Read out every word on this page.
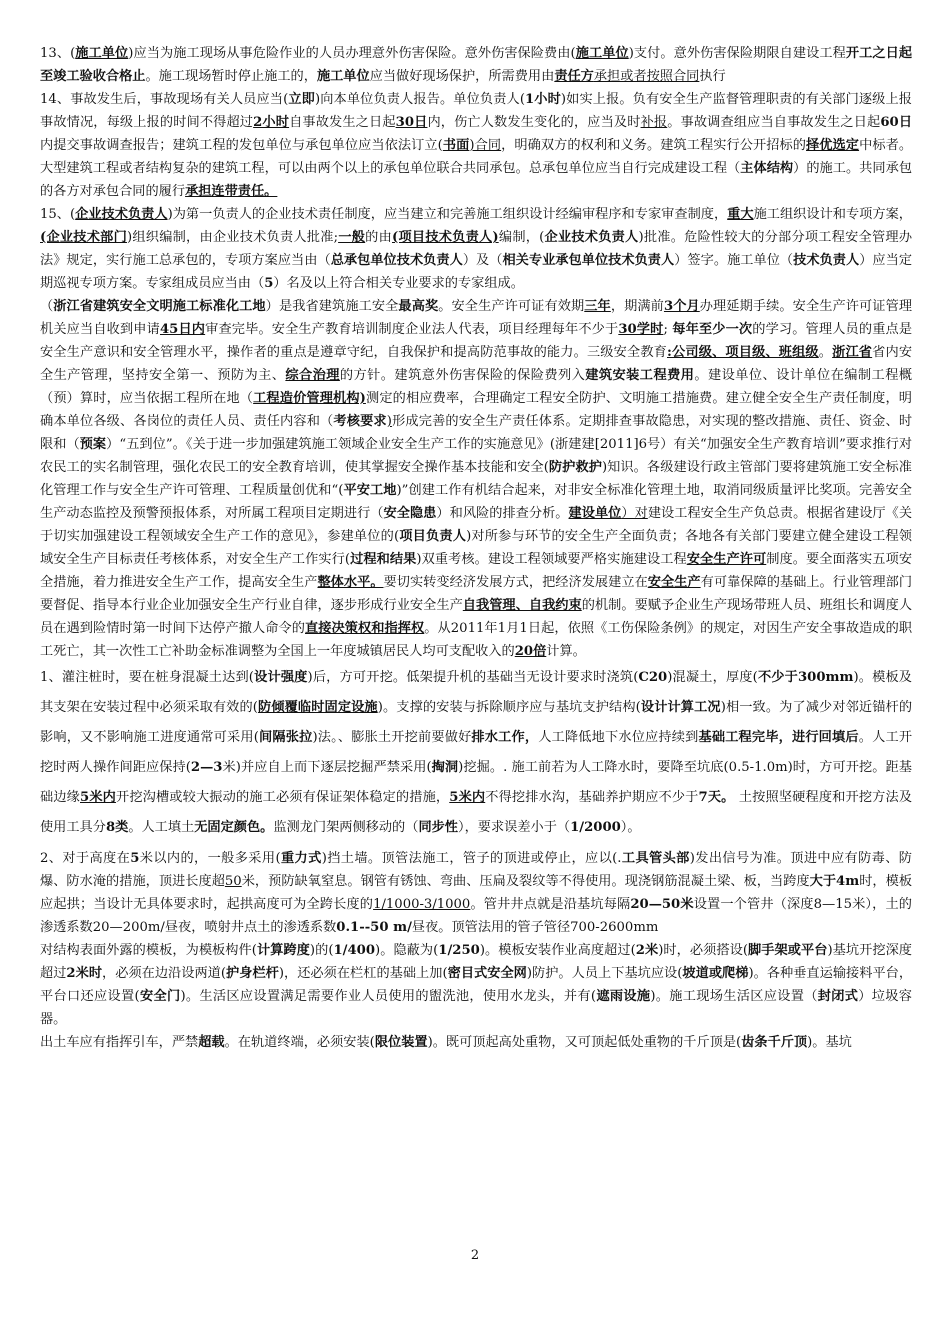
13、(施工单位)应当为施工现场从事危险作业的人员办理意外伤害保险。意外伤害保险费由(施工单位)支付。意外伤害保险期限自建设工程开工之日起至竣工验收合格止。施工现场暂时停止施工的，施工单位应当做好现场保护，所需费用由责任方承担或者按照合同执行

14、事故发生后，事故现场有关人员应当(立即)向本单位负责人报告。单位负责人(1小时)如实上报。负有安全生产监督管理职责的有关部门逐级上报事故情况，每级上报的时间不得超过2小时自事故发生之日起30日内，伤亡人数发生变化的，应当及时补报。事故调查组应当自事故发生之日起60日内提交事故调查报告；建筑工程的发包单位与承包单位应当依法订立(书面)合同，明确双方的权利和义务。建筑工程实行公开招标的择优选定中标者。大型建筑工程或者结构复杂的建筑工程，可以由两个以上的承包单位联合共同承包。总承包单位应当自行完成建设工程（主体结构）的施工。共同承包的各方对承包合同的履行承担连带责任。

15、(企业技术负责人)为第一负责人的企业技术责任制度，应当建立和完善施工组织设计经编审程序和专家审查制度，重大施工组织设计和专项方案，(企业技术部门)组织编制，由企业技术负责人批准;一般的由(项目技术负责人)编制，(企业技术负责人)批准。危险性较大的分部分项工程安全管理办法》规定，实行施工总承包的，专项方案应当由（总承包单位技术负责人）及（相关专业承包单位技术负责人）签字。施工单位（技术负责人）应当定期巡视专项方案。专家组成员应当由（5）名及以上符合相关专业要求的专家组成。

（浙江省建筑安全文明施工标准化工地）是我省建筑施工安全最高奖。安全生产许可证有效期三年，期满前3个月办理延期手续。安全生产许可证管理机关应当自收到申请45日内审查完毕。安全生产教育培训制度企业法人代表，项目经理每年不少于30学时; 每年至少一次的学习。管理人员的重点是安全生产意识和安全管理水平，操作者的重点是遵章守纪，自我保护和提高防范事故的能力。三级安全教育:公司级、项目级、班组级。浙江省省内安全生产管理，坚持安全第一、预防为主、综合治理的方针。建筑意外伤害保险的保险费列入建筑安装工程费用。建设单位、设计单位在编制工程概（预）算时，应当依据工程所在地（工程造价管理机构)测定的相应费率，合理确定工程安全防护、文明施工措施费。建立健全安全生产责任制度，明确本单位各级、各岗位的责任人员、责任内容和（考核要求)形成完善的安全生产责任体系。定期排查事故隐患，对实现的整改措施、责任、资金、时限和（预案）“五到位”。《关于进一步加强建筑施工领域企业安全生产工作的实施意见》(浙建建[2011]6号）有关“加强安全生产教育培训”要求推行对农民工的实名制管理，强化农民工的安全教育培训，使其掌握安全操作基本技能和安全(防护救护)知识。各级建设行政主管部门要将建筑施工安全标准化管理工作与安全生产许可管理、工程质量创优和“(平安工地)”创建工作有机结合起来，对非安全标准化管理土地，取消同级质量评比奖项。完善安全生产动态监控及预警预报体系，对所属工程项目定期进行（安全隐患）和风险的排查分析。建设单位）对建设工程安全生产负总责。根据省建设厅《关于切实加强建设工程领域安全生产工作的意见》，参建单位的(项目负责人)对所参与环节的安全生产全面负责；各地各有关部门要建立健全建设工程领域安全生产目标责任考核体系，对安全生产工作实行(过程和结果)双重考核。建设工程领域要严格实施建设工程安全生产许可制度。要全面落实五项安全措施，着力推进安全生产工作，提高安全生产整体水平。要切实转变经济发展方式，把经济发展建立在安全生产有可靠保障的基础上。行业管理部门要督促、指导本行业企业加强安全生产行业自律，逐步形成行业安全生产自我管理、自我约束的机制。要赋予企业生产现场带班人员、班组长和调度人员在遇到险情时第一时间下达停产撤人命令的直接决策权和指挥权。从2011年1月1日起，依照《工伤保险条例》的规定，对因生产安全事故造成的职工死亡，其一次性工亡补助金标准调整为全国上一年度城镇居民人均可支配收入的20倍计算。

1、灌注桩时，要在桩身混凝土达到(设计强度)后，方可开挖。低架提升机的基础当无设计要求时浇筑(C20)混凝土，厚度(不少于300mm)。模板及其支架在安装过程中必须采取有效的(防倾覆临时固定设施)。支撑的安装与拆除顺序应与基坑支护结构(设计计算工况)相一致。为了减少对邻近锚杆的影响，又不影响施工进度通常可采用(间隔张拉)法。、膨胀土开挖前要做好排水工作，人工降低地下水位应持续到基础工程完毕，进行回填后。人工开挖时两人操作间距应保持(2—3米)并应自上而下逐层挖掘严禁采用(掏洞)挖掘。. 施工前若为人工降水时，要降至坑底(0.5-1.0m)时，方可开挖。距基础边缘5米内开挖沟槽或较大振动的施工必须有保证架体稳定的措施，5米内不得挖排水沟，基础养护期应不少于7天。 土按照坚硬程度和开挖方法及使用工具分8类。人工填土无固定颜色。监测龙门架两侧移动的（同步性），要求误差小于（1/2000）。

2、对于高度在5米以内的，一般多采用(重力式)挡土墙。顶管法施工，管子的顶进或停止，应以(.工具管头部)发出信号为准。顶进中应有防毒、防爆、防水淹的措施，顶进长度超50米，预防缺氧窒息。钢管有锈蚀、弯曲、压扁及裂纹等不得使用。现浇钢筋混凝土梁、板，当跨度大于4m时，模板应起拱；当设计无具体要求时，起拱高度可为全跨长度的1/1000-3/1000。管井井点就是沿基坑每隔20—50米设置一个管井（深度8—15米），土的渗透系数20—200m/昼夜，喷射井点土的渗透系数0.1--50 m/昼夜。顶管法用的管子管径700-2600mm

对结构表面外露的模板，为模板构件(计算跨度)的(1/400)。隐蔽为(1/250)。模板安装作业高度超过(2米)时，必须搭设(脚手架或平台)基坑开挖深度超过2米时，必须在边沿设两道(护身栏杆)，还必须在栏杠的基础上加(密目式安全网)防护。人员上下基坑应设(坡道或爬梯)。各种垂直运输接料平台，平台口还应设置(安全门)。生活区应设置满足需要作业人员使用的盥洗池，使用水龙头，并有(遮雨设施)。施工现场生活区应设置（封闭式）垃圾容器。

出土车应有指挥引车，严禁超载。在轨道终端，必须安装(限位装置)。既可顶起高处重物，又可顶起低处重物的千斤顶是(齿条千斤顶)。基坑

2
